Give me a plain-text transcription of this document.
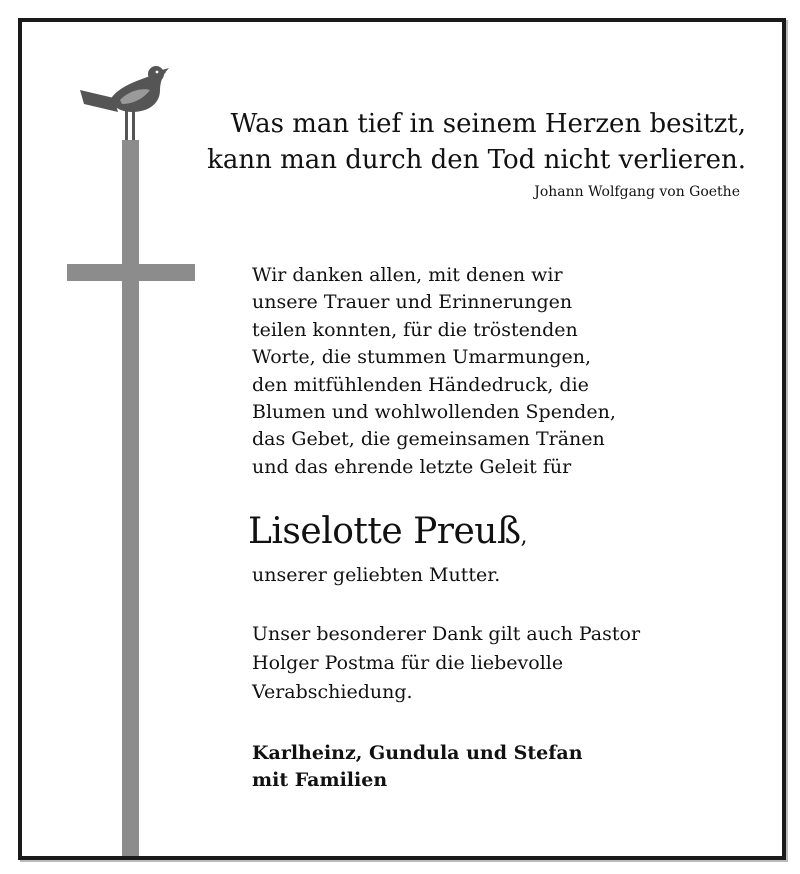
Was man tief in seinem Herzen besitzt,
kann man durch den Tod nicht verlieren.
Johann Wolfgang von Goethe
Wir danken allen, mit denen wir
unsere Trauer und Erinnerungen
teilen konnten, für die tröstenden
Worte, die stummen Umarmungen,
den mitfühlenden Händedruck, die
Blumen und wohlwollenden Spenden,
das Gebet, die gemeinsamen Tränen
und das ehrende letzte Geleit für
Liselotte Preuß,
unserer geliebten Mutter.
Unser besonderer Dank gilt auch Pastor
Holger Postma für die liebevolle
Verabschiedung.
Karlheinz, Gundula und Stefan
mit Familien
